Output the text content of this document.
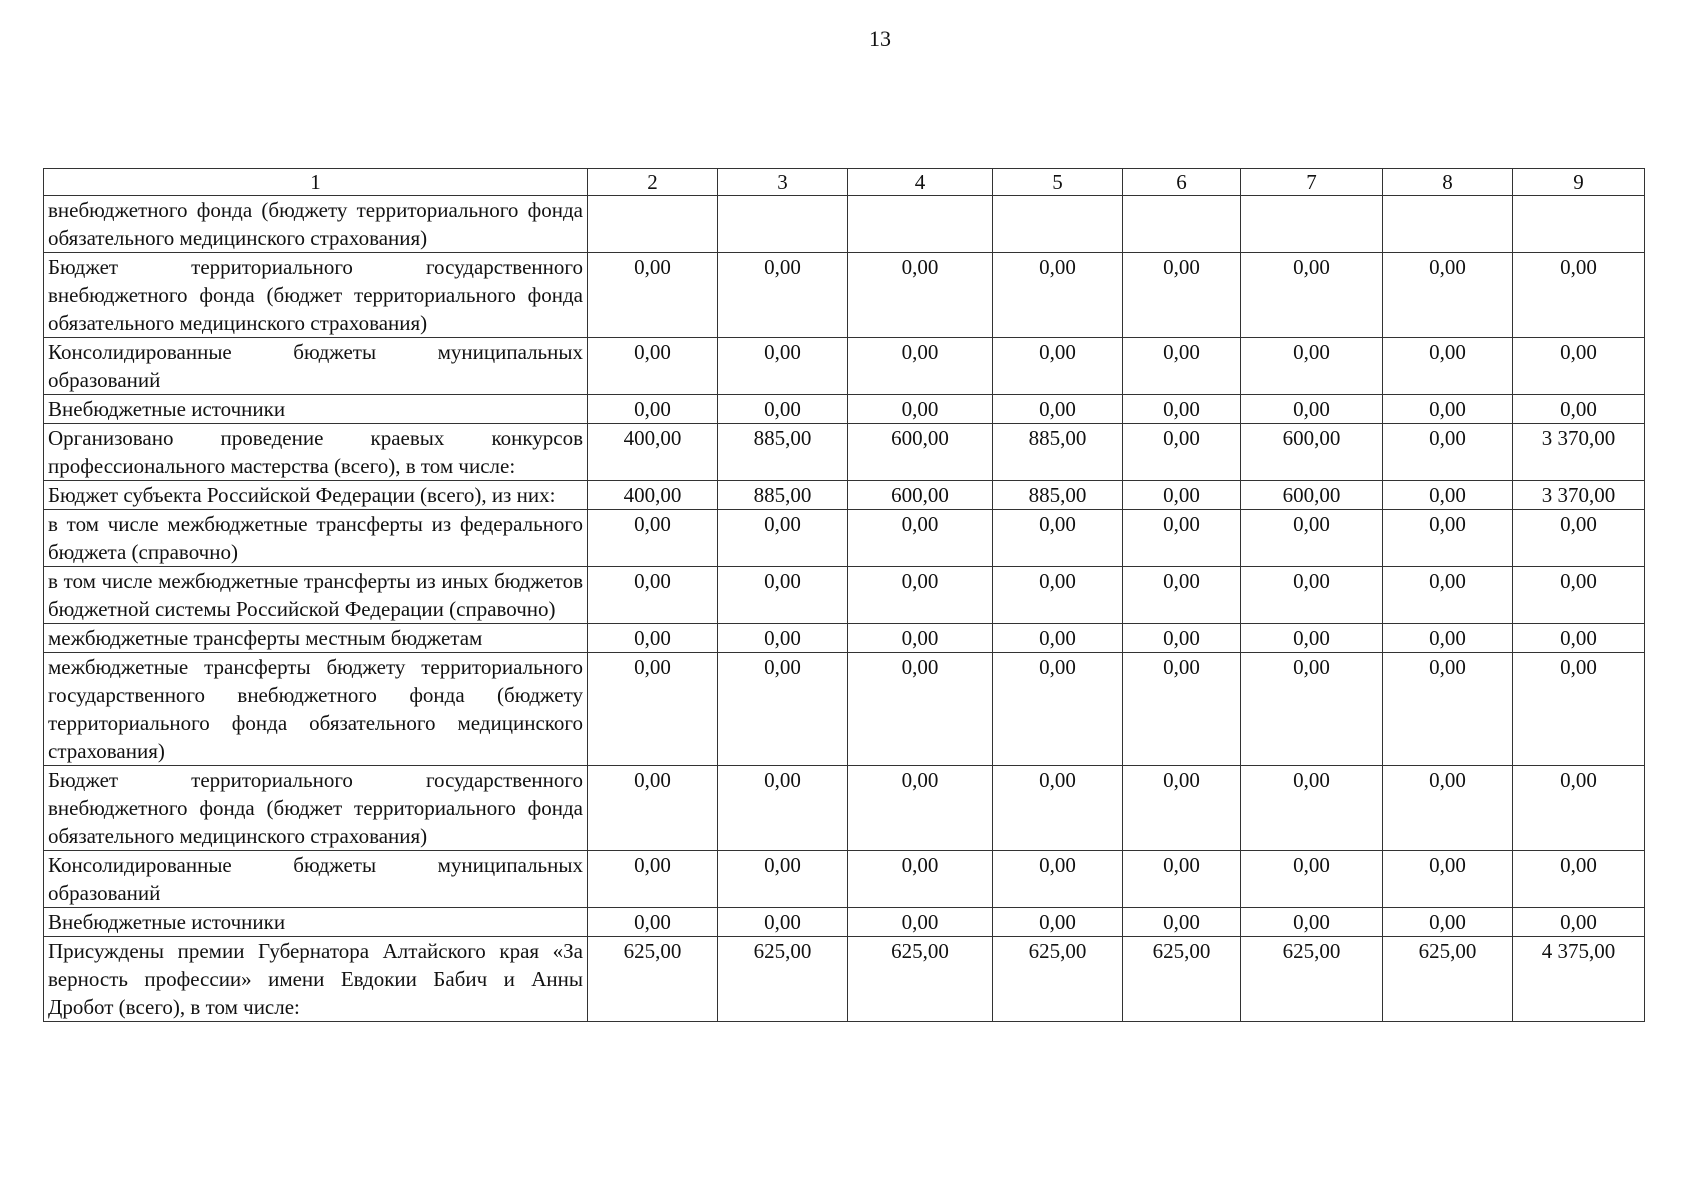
13
1	2	3	4	5	6	7	8	9
внебюджетного фонда (бюджету территориального фонда обязательного медицинского страхования)								
Бюджет территориального государственного внебюджетного фонда (бюджет территориального фонда обязательного медицинского страхования)	0,00	0,00	0,00	0,00	0,00	0,00	0,00	0,00
Консолидированные бюджеты муниципальных образований	0,00	0,00	0,00	0,00	0,00	0,00	0,00	0,00
Внебюджетные источники	0,00	0,00	0,00	0,00	0,00	0,00	0,00	0,00
Организовано проведение краевых конкурсов профессионального мастерства (всего), в том числе:	400,00	885,00	600,00	885,00	0,00	600,00	0,00	3 370,00
Бюджет субъекта Российской Федерации (всего), из них:	400,00	885,00	600,00	885,00	0,00	600,00	0,00	3 370,00
в том числе межбюджетные трансферты из федерального бюджета (справочно)	0,00	0,00	0,00	0,00	0,00	0,00	0,00	0,00
в том числе межбюджетные трансферты из иных бюджетов бюджетной системы Российской Федерации (справочно)	0,00	0,00	0,00	0,00	0,00	0,00	0,00	0,00
межбюджетные трансферты местным бюджетам	0,00	0,00	0,00	0,00	0,00	0,00	0,00	0,00
межбюджетные трансферты бюджету территориального государственного внебюджетного фонда (бюджету территориального фонда обязательного медицинского страхования)	0,00	0,00	0,00	0,00	0,00	0,00	0,00	0,00
Бюджет территориального государственного внебюджетного фонда (бюджет территориального фонда обязательного медицинского страхования)	0,00	0,00	0,00	0,00	0,00	0,00	0,00	0,00
Консолидированные бюджеты муниципальных образований	0,00	0,00	0,00	0,00	0,00	0,00	0,00	0,00
Внебюджетные источники	0,00	0,00	0,00	0,00	0,00	0,00	0,00	0,00
Присуждены премии Губернатора Алтайского края «За верность профессии» имени Евдокии Бабич и Анны Дробот (всего), в том числе:	625,00	625,00	625,00	625,00	625,00	625,00	625,00	4 375,00
